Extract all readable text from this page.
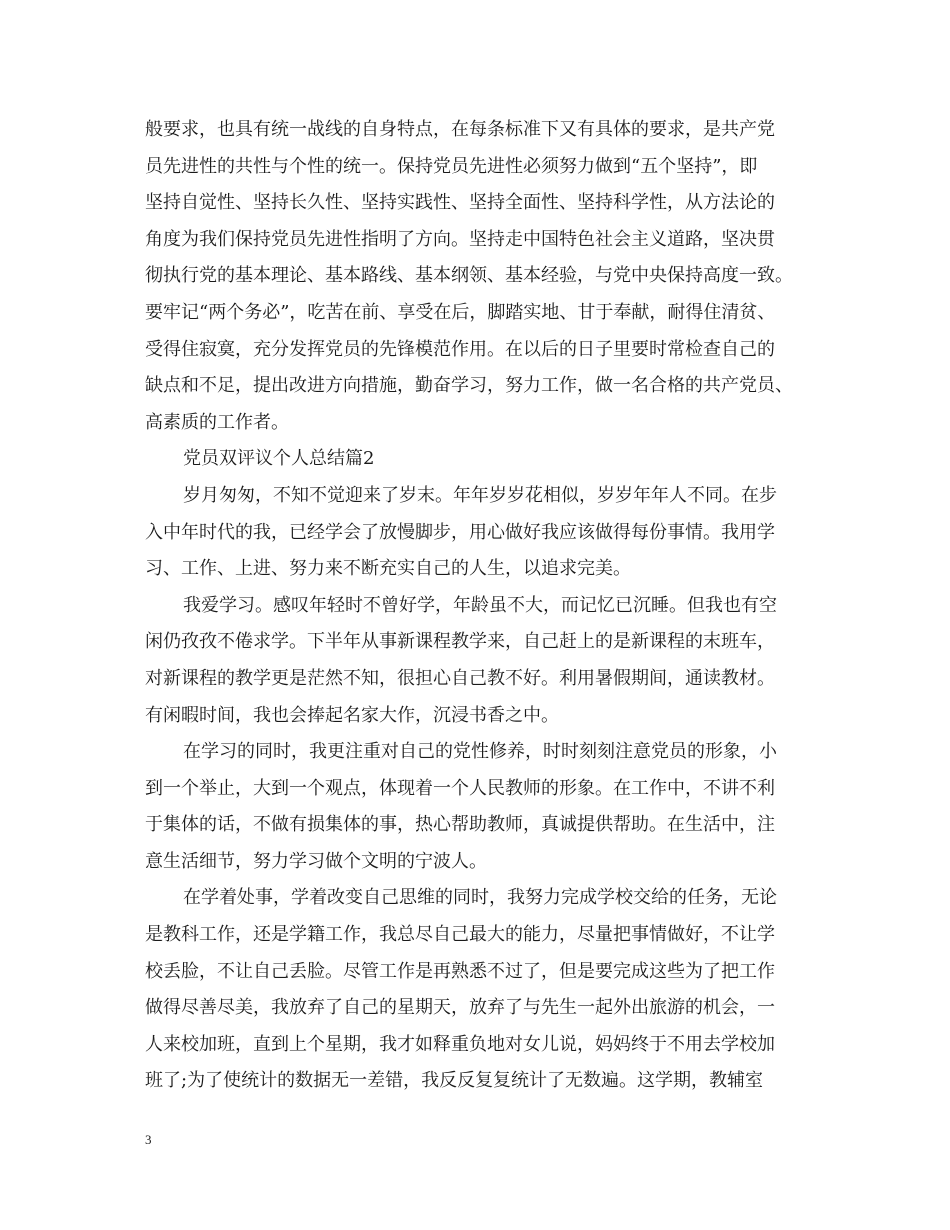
般要求，也具有统一战线的自身特点，在每条标准下又有具体的要求，是共产党
员先进性的共性与个性的统一。保持党员先进性必须努力做到“五个坚持”，即
坚持自觉性、坚持长久性、坚持实践性、坚持全面性、坚持科学性，从方法论的
角度为我们保持党员先进性指明了方向。坚持走中国特色社会主义道路，坚决贯
彻执行党的基本理论、基本路线、基本纲领、基本经验，与党中央保持高度一致。
要牢记“两个务必”，吃苦在前、享受在后，脚踏实地、甘于奉献，耐得住清贫、
受得住寂寞，充分发挥党员的先锋模范作用。在以后的日子里要时常检查自己的
缺点和不足，提出改进方向措施，勤奋学习，努力工作，做一名合格的共产党员、
高素质的工作者。
党员双评议个人总结篇2
岁月匆匆，不知不觉迎来了岁末。年年岁岁花相似，岁岁年年人不同。在步
入中年时代的我，已经学会了放慢脚步，用心做好我应该做得每份事情。我用学
习、工作、上进、努力来不断充实自己的人生，以追求完美。
我爱学习。感叹年轻时不曾好学，年龄虽不大，而记忆已沉睡。但我也有空
闲仍孜孜不倦求学。下半年从事新课程教学来，自己赶上的是新课程的末班车，
对新课程的教学更是茫然不知，很担心自己教不好。利用暑假期间，通读教材。
有闲暇时间，我也会捧起名家大作，沉浸书香之中。
在学习的同时，我更注重对自己的党性修养，时时刻刻注意党员的形象，小
到一个举止，大到一个观点，体现着一个人民教师的形象。在工作中，不讲不利
于集体的话，不做有损集体的事，热心帮助教师，真诚提供帮助。在生活中，注
意生活细节，努力学习做个文明的宁波人。
在学着处事，学着改变自己思维的同时，我努力完成学校交给的任务，无论
是教科工作，还是学籍工作，我总尽自己最大的能力，尽量把事情做好，不让学
校丢脸，不让自己丢脸。尽管工作是再熟悉不过了，但是要完成这些为了把工作
做得尽善尽美，我放弃了自己的星期天，放弃了与先生一起外出旅游的机会，一
人来校加班，直到上个星期，我才如释重负地对女儿说，妈妈终于不用去学校加
班了;为了使统计的数据无一差错，我反反复复统计了无数遍。这学期，教辅室
3
